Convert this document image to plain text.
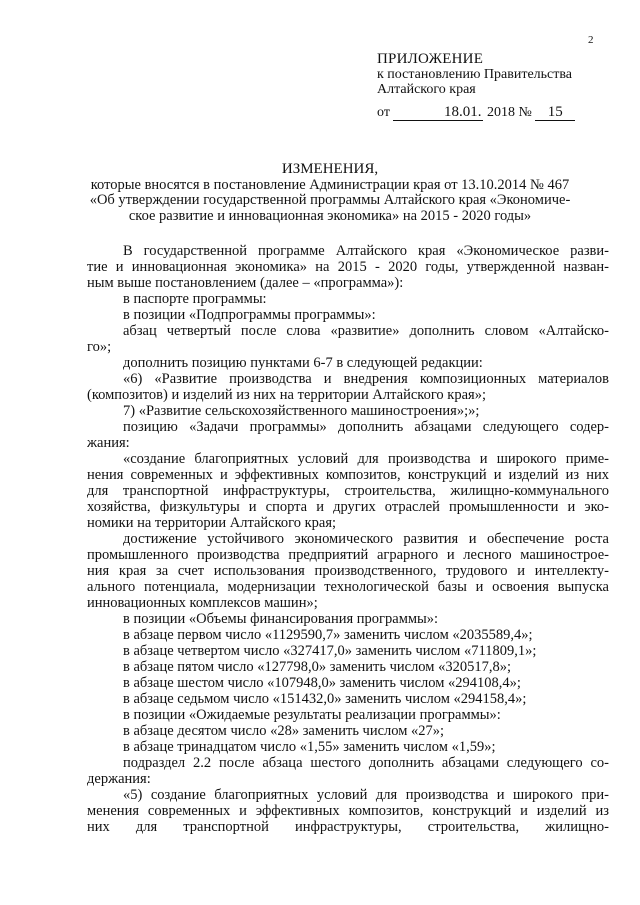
2
ПРИЛОЖЕНИЕ
к постановлению Правительства
Алтайского края
от	18.01. 2018 № 15
ИЗМЕНЕНИЯ,
которые вносятся в постановление Администрации края от 13.10.2014 № 467
«Об утверждении государственной программы Алтайского края «Экономиче-
ское развитие и инновационная экономика» на 2015 - 2020 годы»
В государственной программе Алтайского края «Экономическое разви-
тие и инновационная экономика» на 2015 - 2020 годы, утвержденной назван-
ным выше постановлением (далее – «программа»):
в паспорте программы:
в позиции «Подпрограммы программы»:
абзац четвертый после слова «развитие» дополнить словом «Алтайско-
го»;
дополнить позицию пунктами 6-7 в следующей редакции:
«6) «Развитие производства и внедрения композиционных материалов
(композитов) и изделий из них на территории Алтайского края»;
7) «Развитие сельскохозяйственного машиностроения»;»;
позицию «Задачи программы» дополнить абзацами следующего содер-
жания:
«создание благоприятных условий для производства и широкого приме-
нения современных и эффективных композитов, конструкций и изделий из них
для транспортной инфраструктуры, строительства, жилищно-коммунального
хозяйства, физкультуры и спорта и других отраслей промышленности и эко-
номики на территории Алтайского края;
достижение устойчивого экономического развития и обеспечение роста
промышленного производства предприятий аграрного и лесного машинострое-
ния края за счет использования производственного, трудового и интеллекту-
ального потенциала, модернизации технологической базы и освоения выпуска
инновационных комплексов машин»;
в позиции «Объемы финансирования программы»:
в абзаце первом число «1129590,7» заменить числом «2035589,4»;
в абзаце четвертом число «327417,0» заменить числом «711809,1»;
в абзаце пятом число «127798,0» заменить числом «320517,8»;
в абзаце шестом число «107948,0» заменить числом «294108,4»;
в абзаце седьмом число «151432,0» заменить числом «294158,4»;
в позиции «Ожидаемые результаты реализации программы»:
в абзаце десятом число «28» заменить числом «27»;
в абзаце тринадцатом число «1,55» заменить числом «1,59»;
подраздел 2.2 после абзаца шестого дополнить абзацами следующего со-
держания:
«5) создание благоприятных условий для производства и широкого при-
менения современных и эффективных композитов, конструкций и изделий из
них для транспортной инфраструктуры, строительства, жилищно-
